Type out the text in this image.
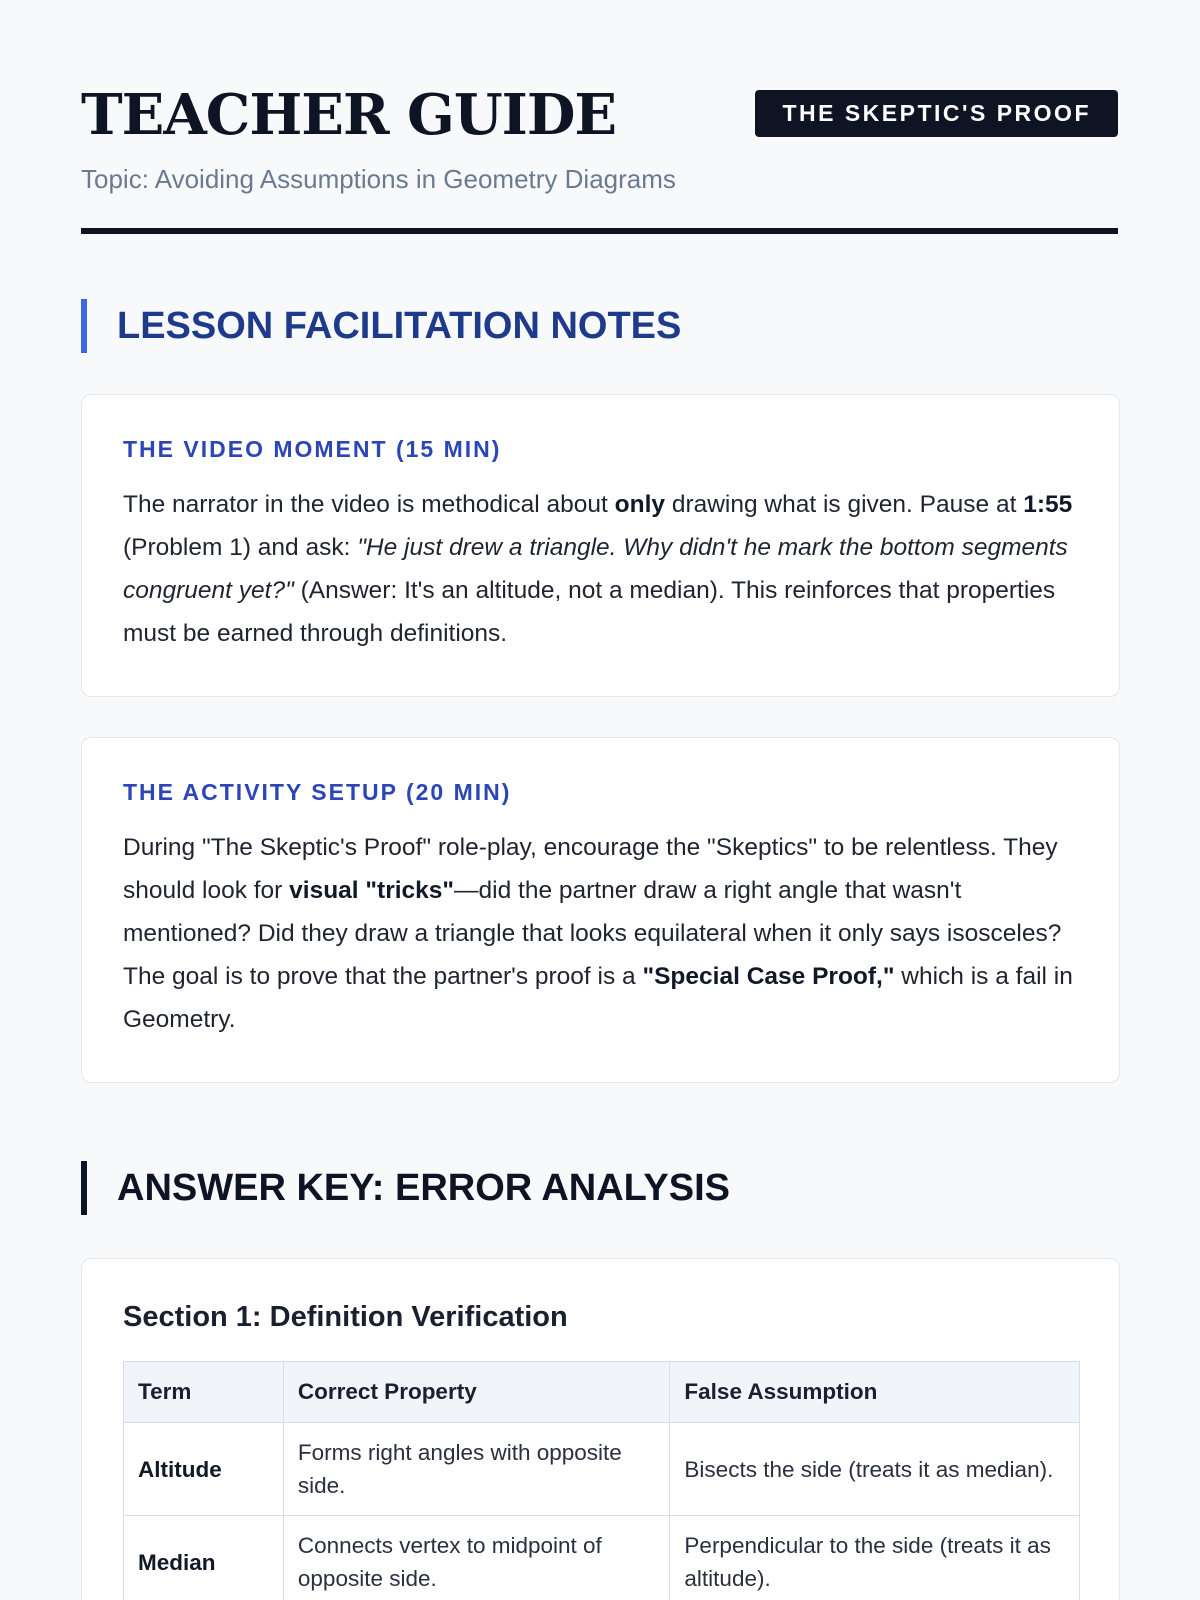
TEACHER GUIDE
Topic: Avoiding Assumptions in Geometry Diagrams
THE SKEPTIC'S PROOF
LESSON FACILITATION NOTES
THE VIDEO MOMENT (15 MIN)

The narrator in the video is methodical about only drawing what is given. Pause at 1:55 (Problem 1) and ask: "He just drew a triangle. Why didn't he mark the bottom segments congruent yet?" (Answer: It's an altitude, not a median). This reinforces that properties must be earned through definitions.

THE ACTIVITY SETUP (20 MIN)

During "The Skeptic's Proof" role-play, encourage the "Skeptics" to be relentless. They should look for visual "tricks"—did the partner draw a right angle that wasn't mentioned? Did they draw a triangle that looks equilateral when it only says isosceles? The goal is to prove that the partner's proof is a "Special Case Proof," which is a fail in Geometry.

ANSWER KEY: ERROR ANALYSIS
Section 1: Definition Verification
Term	Correct Property	False Assumption
Altitude	Forms right angles with opposite side.	Bisects the side (treats it as median).
Median	Connects vertex to midpoint of opposite side.	Perpendicular to the side (treats it as altitude).
